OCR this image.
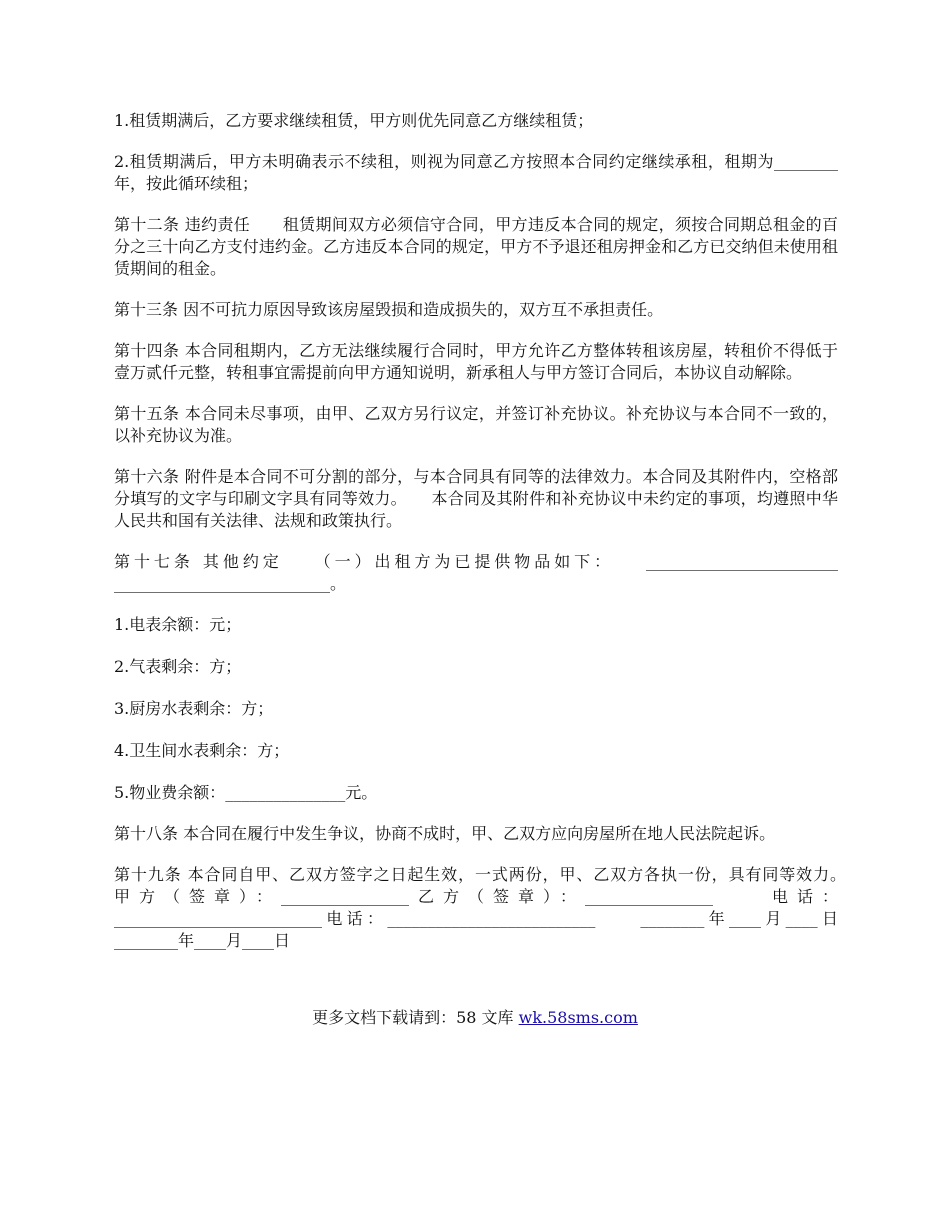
1.租赁期满后，乙方要求继续租赁，甲方则优先同意乙方继续租赁；

2.租赁期满后，甲方未明确表示不续租，则视为同意乙方按照本合同约定继续承租，租期为________年，按此循环续租；

第十二条 违约责任　　租赁期间双方必须信守合同，甲方违反本合同的规定，须按合同期总租金的百分之三十向乙方支付违约金。乙方违反本合同的规定，甲方不予退还租房押金和乙方已交纳但未使用租赁期间的租金。

第十三条 因不可抗力原因导致该房屋毁损和造成损失的，双方互不承担责任。

第十四条 本合同租期内，乙方无法继续履行合同时，甲方允许乙方整体转租该房屋，转租价不得低于壹万贰仟元整，转租事宜需提前向甲方通知说明，新承租人与甲方签订合同后，本协议自动解除。

第十五条 本合同未尽事项，由甲、乙双方另行议定，并签订补充协议。补充协议与本合同不一致的，以补充协议为准。

第十六条 附件是本合同不可分割的部分，与本合同具有同等的法律效力。本合同及其附件内，空格部分填写的文字与印刷文字具有同等效力。　　本合同及其附件和补充协议中未约定的事项，均遵照中华人民共和国有关法律、法规和政策执行。

第十七条 其他约定　　（一）出租方为已提供物品如下：　　________________________ ___________________________。

1.电表余额：元；

2.气表剩余：方；

3.厨房水表剩余：方；

4.卫生间水表剩余：方；

5.物业费余额：_______________元。

第十八条 本合同在履行中发生争议，协商不成时，甲、乙双方应向房屋所在地人民法院起诉。

第十九条 本合同自甲、乙双方签字之日起生效，一式两份，甲、乙双方各执一份，具有同等效力。　　甲方（签章）：________________乙方（签章）：________________　　电话：__________________________电话：__________________________　　________年____月____日________年____月____日

更多文档下载请到：58 文库 wk.58sms.com
